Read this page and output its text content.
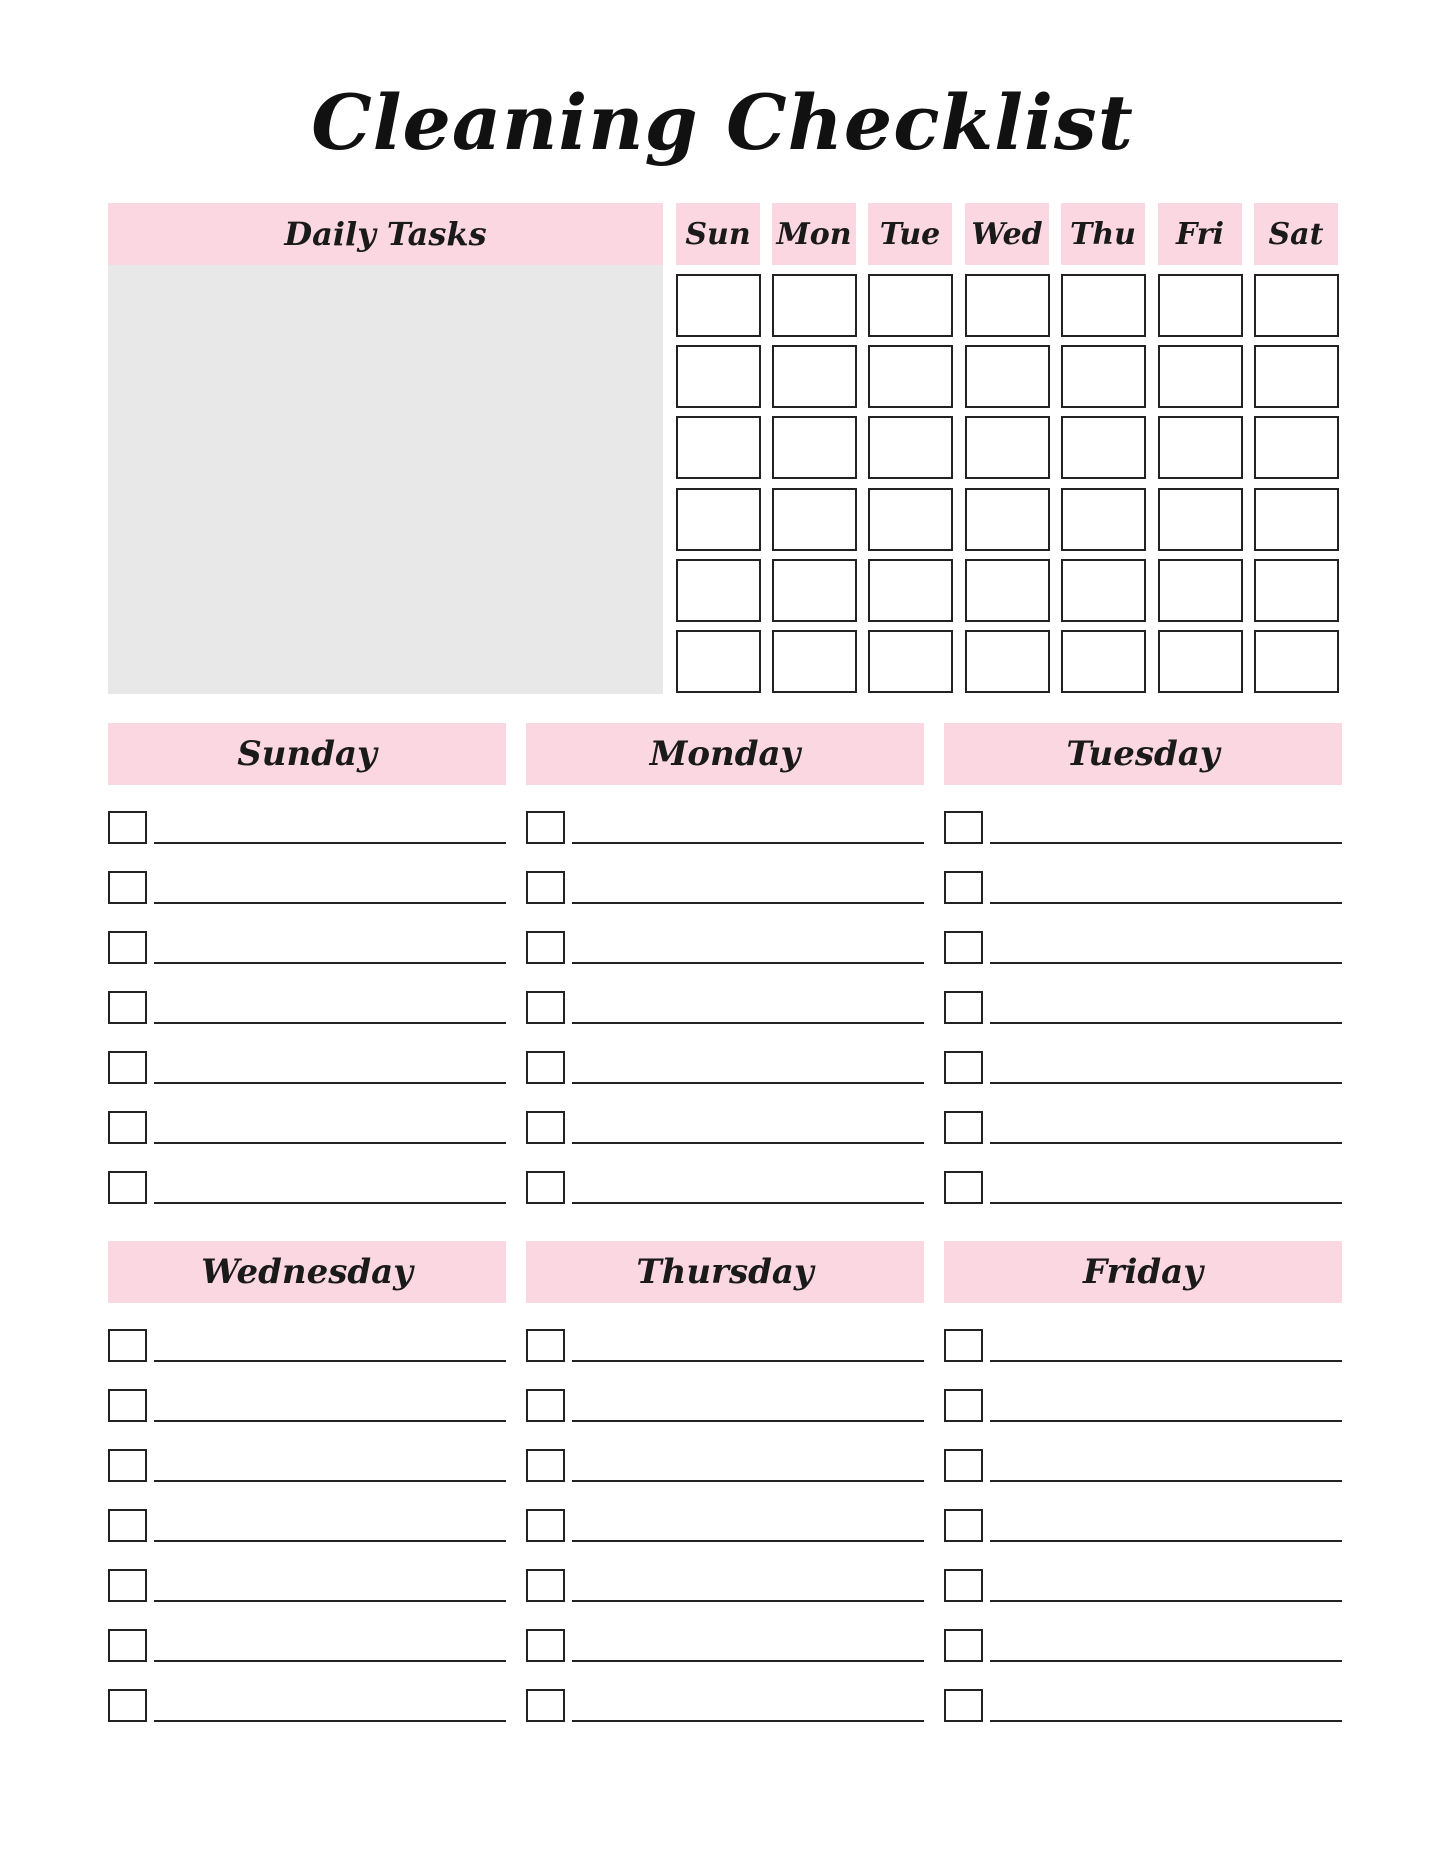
Cleaning Checklist
Daily Tasks	Sun Mon Tue	Wed Thu	Fri	Sat
Sunday	Monday	Tuesday
Wednesday	Thursday	Friday
